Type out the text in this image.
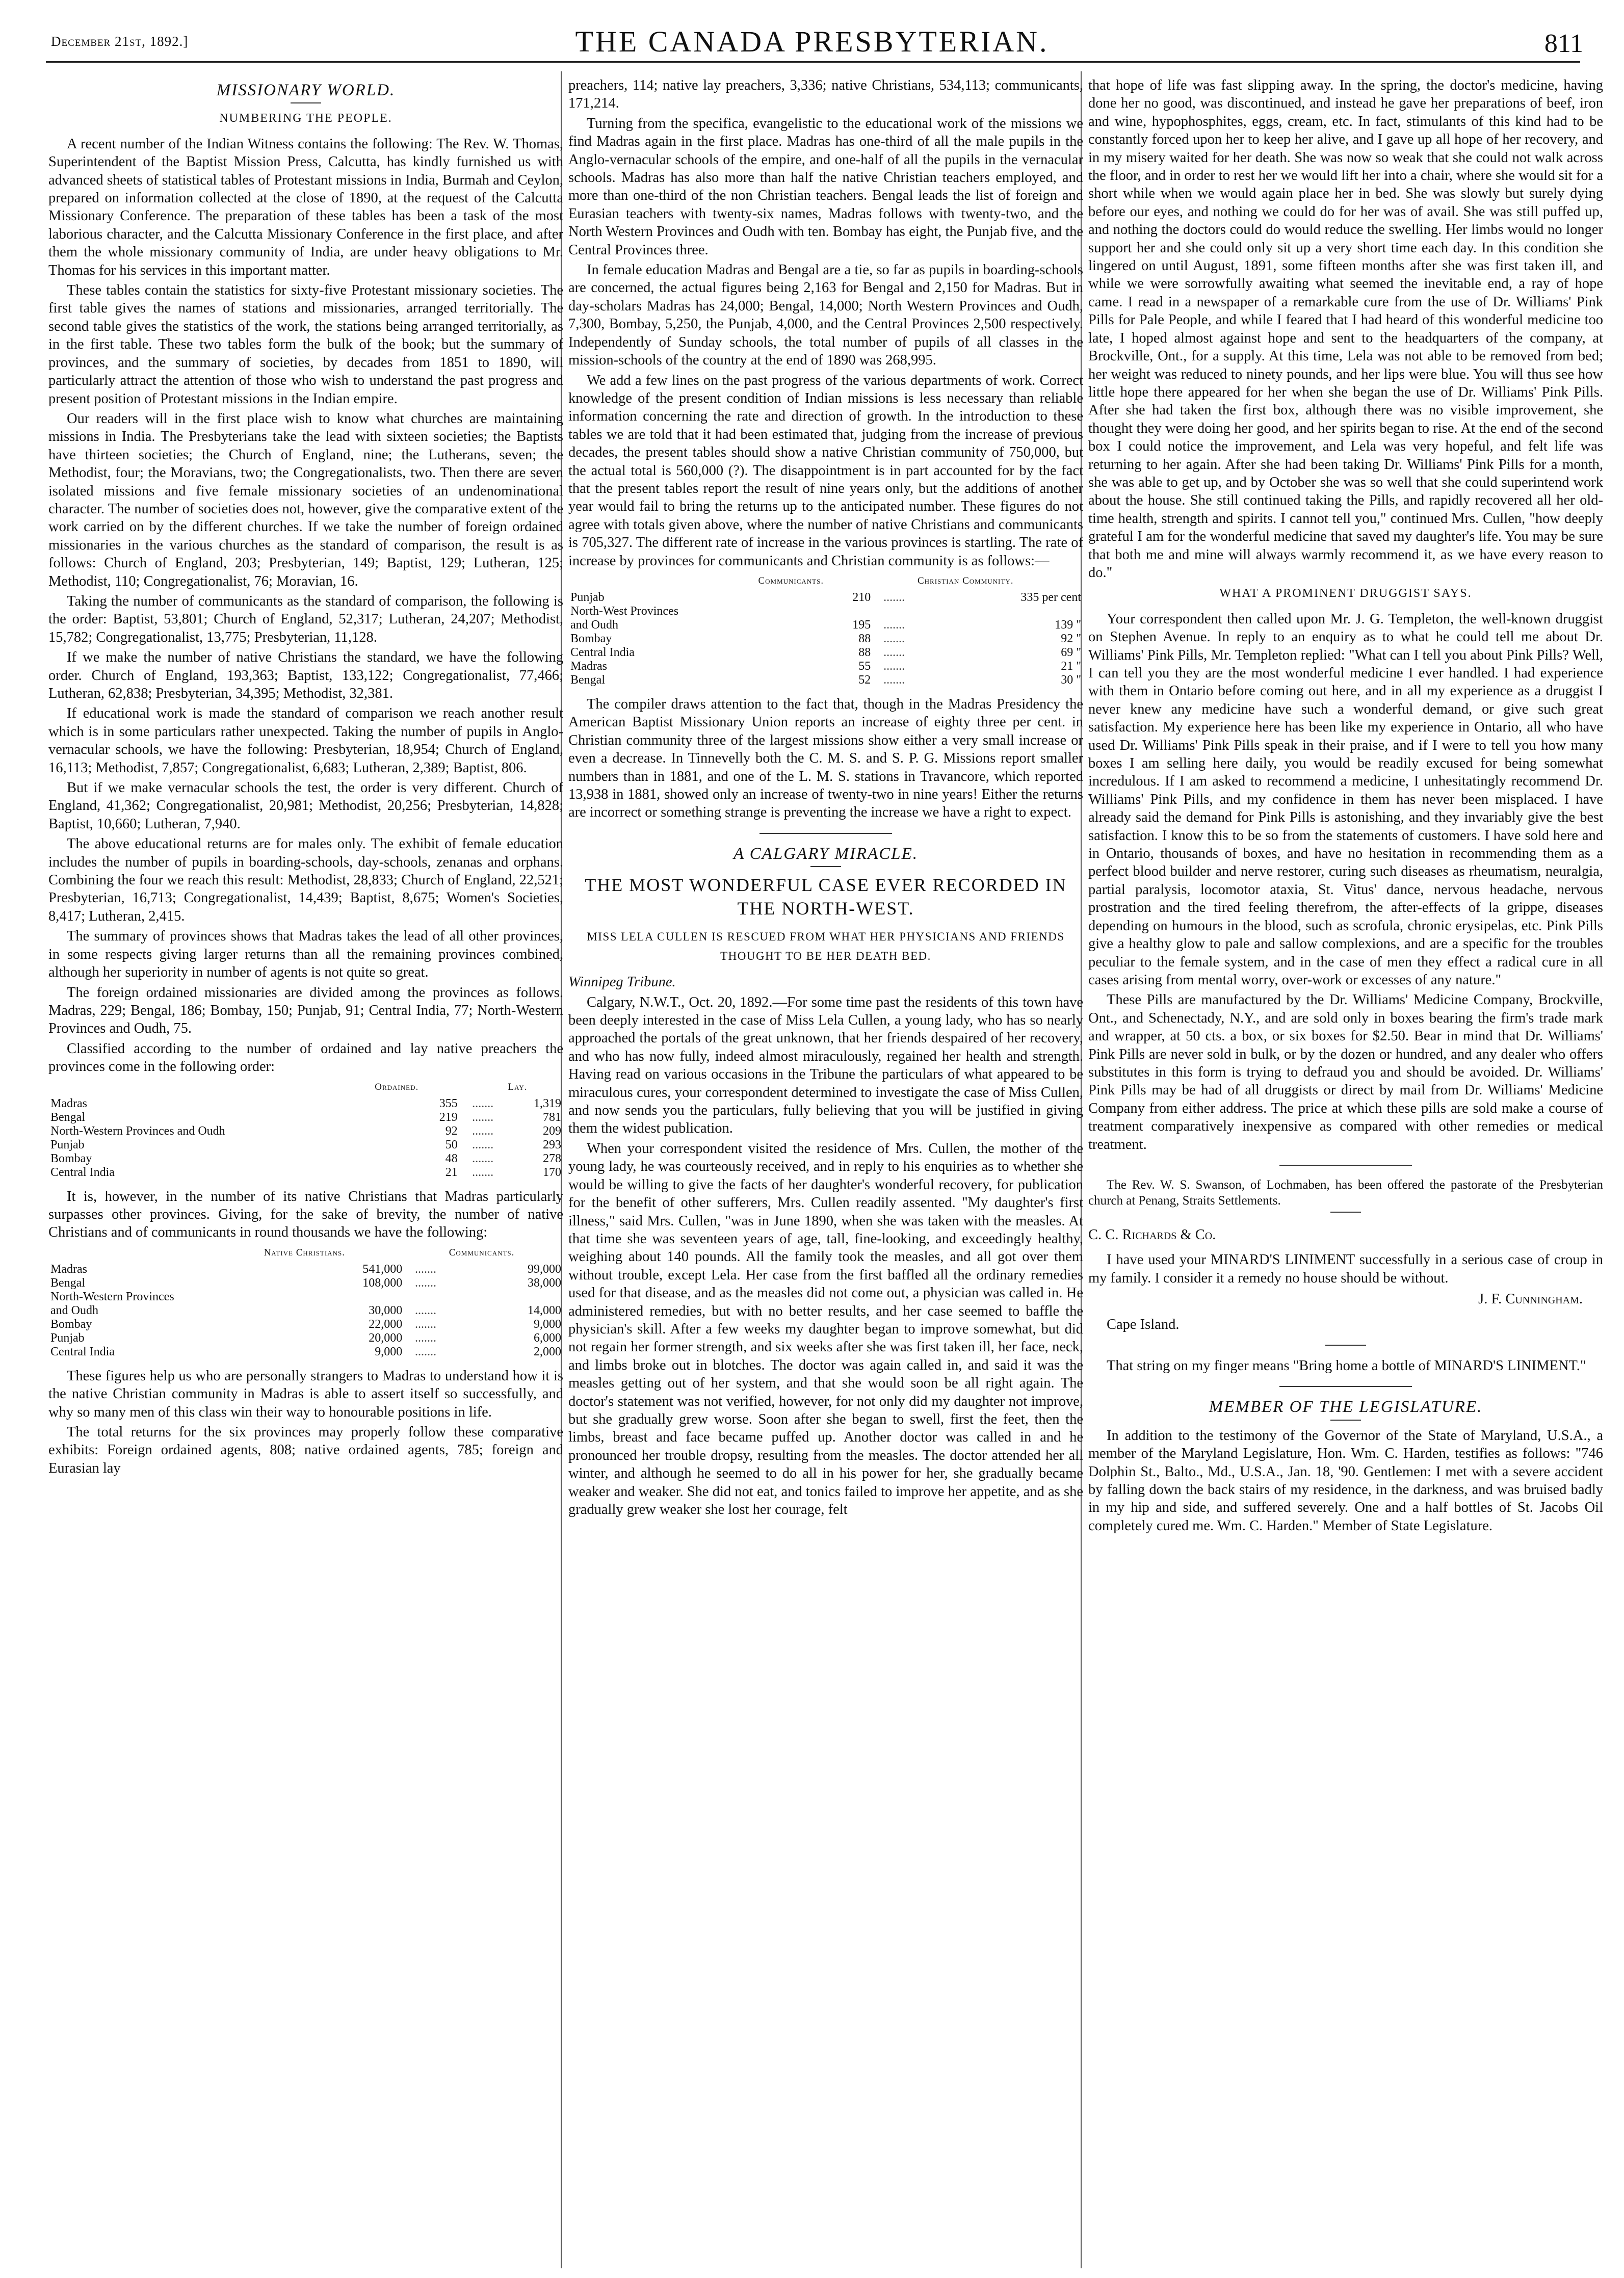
December 21st, 1892.]	THE CANADA PRESBYTERIAN.	811
MISSIONARY WORLD.
NUMBERING THE PEOPLE.

A recent number of the Indian Witness contains the following: The Rev. W. Thomas, Superintendent of the Baptist Mission Press, Calcutta, has kindly furnished us with advanced sheets of statistical tables of Protestant missions in India, Burmah and Ceylon, prepared on information collected at the close of 1890, at the request of the Calcutta Missionary Conference. The preparation of these tables has been a task of the most laborious character, and the Calcutta Missionary Conference in the first place, and after them the whole missionary community of India, are under heavy obligations to Mr. Thomas for his services in this important matter.

These tables contain the statistics for sixty-five Protestant missionary societies. The first table gives the names of stations and missionaries, arranged territorially. The second table gives the statistics of the work, the stations being arranged territorially, as in the first table. These two tables form the bulk of the book; but the summary of provinces, and the summary of societies, by decades from 1851 to 1890, will particularly attract the attention of those who wish to understand the past progress and present position of Protestant missions in the Indian empire.

Our readers will in the first place wish to know what churches are maintaining missions in India. The Presbyterians take the lead with sixteen societies; the Baptists have thirteen societies; the Church of England, nine; the Lutherans, seven; the Methodist, four; the Moravians, two; the Congregationalists, two. Then there are seven isolated missions and five female missionary societies of an undenominational character. The number of societies does not, however, give the comparative extent of the work carried on by the different churches. If we take the number of foreign ordained missionaries in the various churches as the standard of comparison, the result is as follows: Church of England, 203; Presbyterian, 149; Baptist, 129; Lutheran, 125; Methodist, 110; Congregationalist, 76; Moravian, 16.

Taking the number of communicants as the standard of comparison, the following is the order: Baptist, 53,801; Church of England, 52,317; Lutheran, 24,207; Methodist, 15,782; Congregationalist, 13,775; Presbyterian, 11,128.

If we make the number of native Christians the standard, we have the following order. Church of England, 193,363; Baptist, 133,122; Congregationalist, 77,466; Lutheran, 62,838; Presbyterian, 34,395; Methodist, 32,381.

If educational work is made the standard of comparison we reach another result which is in some particulars rather unexpected. Taking the number of pupils in Anglo-vernacular schools, we have the following: Presbyterian, 18,954; Church of England, 16,113; Methodist, 7,857; Congregationalist, 6,683; Lutheran, 2,389; Baptist, 806.

But if we make vernacular schools the test, the order is very different. Church of England, 41,362; Congregationalist, 20,981; Methodist, 20,256; Presbyterian, 14,828; Baptist, 10,660; Lutheran, 7,940.

The above educational returns are for males only. The exhibit of female education includes the number of pupils in boarding-schools, day-schools, zenanas and orphans. Combining the four we reach this result: Methodist, 28,833; Church of England, 22,521; Presbyterian, 16,713; Congregationalist, 14,439; Baptist, 8,675; Women's Societies, 8,417; Lutheran, 2,415.

The summary of provinces shows that Madras takes the lead of all other provinces, in some respects giving larger returns than all the remaining provinces combined, although her superiority in number of agents is not quite so great.

The foreign ordained missionaries are divided among the provinces as follows. Madras, 229; Bengal, 186; Bombay, 150; Punjab, 91; Central India, 77; North-Western Provinces and Oudh, 75.

Classified according to the number of ordained and lay native preachers the provinces come in the following order:

	Ordained.		Lay.
Madras	355	.......	1,319
Bengal	219	.......	781
North-Western Provinces and Oudh	92	.......	209
Punjab	50	.......	293
Bombay	48	.......	278
Central India	21	.......	170

It is, however, in the number of its native Christians that Madras particularly surpasses other provinces. Giving, for the sake of brevity, the number of native Christians and of communicants in round thousands we have the following:

	Native Christians.		Communicants.
Madras	541,000	.......	99,000
Bengal	108,000	.......	38,000
North-Western Provinces			
and Oudh	30,000	.......	14,000
Bombay	22,000	.......	9,000
Punjab	20,000	.......	6,000
Central India	9,000	.......	2,000

These figures help us who are personally strangers to Madras to understand how it is the native Christian community in Madras is able to assert itself so successfully, and why so many men of this class win their way to honourable positions in life.

The total returns for the six provinces may properly follow these comparative exhibits: Foreign ordained agents, 808; native ordained agents, 785; foreign and Eurasian lay

preachers, 114; native lay preachers, 3,336; native Christians, 534,113; communicants, 171,214.

Turning from the specifica, evangelistic to the educational work of the missions we find Madras again in the first place. Madras has one-third of all the male pupils in the Anglo-vernacular schools of the empire, and one-half of all the pupils in the vernacular schools. Madras has also more than half the native Christian teachers employed, and more than one-third of the non Christian teachers. Bengal leads the list of foreign and Eurasian teachers with twenty-six names, Madras follows with twenty-two, and the North Western Provinces and Oudh with ten. Bombay has eight, the Punjab five, and the Central Provinces three.

In female education Madras and Bengal are a tie, so far as pupils in boarding-schools are concerned, the actual figures being 2,163 for Bengal and 2,150 for Madras. But in day-scholars Madras has 24,000; Bengal, 14,000; North Western Provinces and Oudh, 7,300, Bombay, 5,250, the Punjab, 4,000, and the Central Provinces 2,500 respectively. Independently of Sunday schools, the total number of pupils of all classes in the mission-schools of the country at the end of 1890 was 268,995.

We add a few lines on the past progress of the various departments of work. Correct knowledge of the present condition of Indian missions is less necessary than reliable information concerning the rate and direction of growth. In the introduction to these tables we are told that it had been estimated that, judging from the increase of previous decades, the present tables should show a native Christian community of 750,000, but the actual total is 560,000 (?). The disappointment is in part accounted for by the fact that the present tables report the result of nine years only, but the additions of another year would fail to bring the returns up to the anticipated number. These figures do not agree with totals given above, where the number of native Christians and communicants is 705,327. The different rate of increase in the various provinces is startling. The rate of increase by provinces for communicants and Christian community is as follows:—

	Communicants.		Christian Community.
Punjab	210	.......	335 per cent
North-West Provinces			
and Oudh	195	.......	139 "
Bombay	88	.......	92 "
Central India	88	.......	69 "
Madras	55	.......	21 "
Bengal	52	.......	30 "

The compiler draws attention to the fact that, though in the Madras Presidency the American Baptist Missionary Union reports an increase of eighty three per cent. in Christian community three of the largest missions show either a very small increase or even a decrease. In Tinnevelly both the C. M. S. and S. P. G. Missions report smaller numbers than in 1881, and one of the L. M. S. stations in Travancore, which reported 13,938 in 1881, showed only an increase of twenty-two in nine years! Either the returns are incorrect or something strange is preventing the increase we have a right to expect.

A CALGARY MIRACLE.
THE MOST WONDERFUL CASE EVER RECORDED IN THE NORTH-WEST.
MISS LELA CULLEN IS RESCUED FROM WHAT HER PHYSICIANS AND FRIENDS THOUGHT TO BE HER DEATH BED.

Winnipeg Tribune.

Calgary, N.W.T., Oct. 20, 1892.—For some time past the residents of this town have been deeply interested in the case of Miss Lela Cullen, a young lady, who has so nearly approached the portals of the great unknown, that her friends despaired of her recovery, and who has now fully, indeed almost miraculously, regained her health and strength. Having read on various occasions in the Tribune the particulars of what appeared to be miraculous cures, your correspondent determined to investigate the case of Miss Cullen, and now sends you the particulars, fully believing that you will be justified in giving them the widest publication.

When your correspondent visited the residence of Mrs. Cullen, the mother of the young lady, he was courteously received, and in reply to his enquiries as to whether she would be willing to give the facts of her daughter's wonderful recovery, for publication for the benefit of other sufferers, Mrs. Cullen readily assented. "My daughter's first illness," said Mrs. Cullen, "was in June 1890, when she was taken with the measles. At that time she was seventeen years of age, tall, fine-looking, and exceedingly healthy, weighing about 140 pounds. All the family took the measles, and all got over them without trouble, except Lela. Her case from the first baffled all the ordinary remedies used for that disease, and as the measles did not come out, a physician was called in. He administered remedies, but with no better results, and her case seemed to baffle the physician's skill. After a few weeks my daughter began to improve somewhat, but did not regain her former strength, and six weeks after she was first taken ill, her face, neck, and limbs broke out in blotches. The doctor was again called in, and said it was the measles getting out of her system, and that she would soon be all right again. The doctor's statement was not verified, however, for not only did my daughter not improve, but she gradually grew worse. Soon after she began to swell, first the feet, then the limbs, breast and face became puffed up. Another doctor was called in and he pronounced her trouble dropsy, resulting from the measles. The doctor attended her all winter, and although he seemed to do all in his power for her, she gradually became weaker and weaker. She did not eat, and tonics failed to improve her appetite, and as she gradually grew weaker she lost her courage, felt

that hope of life was fast slipping away. In the spring, the doctor's medicine, having done her no good, was discontinued, and instead he gave her preparations of beef, iron and wine, hypophosphites, eggs, cream, etc. In fact, stimulants of this kind had to be constantly forced upon her to keep her alive, and I gave up all hope of her recovery, and in my misery waited for her death. She was now so weak that she could not walk across the floor, and in order to rest her we would lift her into a chair, where she would sit for a short while when we would again place her in bed. She was slowly but surely dying before our eyes, and nothing we could do for her was of avail. She was still puffed up, and nothing the doctors could do would reduce the swelling. Her limbs would no longer support her and she could only sit up a very short time each day. In this condition she lingered on until August, 1891, some fifteen months after she was first taken ill, and while we were sorrowfully awaiting what seemed the inevitable end, a ray of hope came. I read in a newspaper of a remarkable cure from the use of Dr. Williams' Pink Pills for Pale People, and while I feared that I had heard of this wonderful medicine too late, I hoped almost against hope and sent to the headquarters of the company, at Brockville, Ont., for a supply. At this time, Lela was not able to be removed from bed; her weight was reduced to ninety pounds, and her lips were blue. You will thus see how little hope there appeared for her when she began the use of Dr. Williams' Pink Pills. After she had taken the first box, although there was no visible improvement, she thought they were doing her good, and her spirits began to rise. At the end of the second box I could notice the improvement, and Lela was very hopeful, and felt life was returning to her again. After she had been taking Dr. Williams' Pink Pills for a month, she was able to get up, and by October she was so well that she could superintend work about the house. She still continued taking the Pills, and rapidly recovered all her old-time health, strength and spirits. I cannot tell you," continued Mrs. Cullen, "how deeply grateful I am for the wonderful medicine that saved my daughter's life. You may be sure that both me and mine will always warmly recommend it, as we have every reason to do."

WHAT A PROMINENT DRUGGIST SAYS.

Your correspondent then called upon Mr. J. G. Templeton, the well-known druggist on Stephen Avenue. In reply to an enquiry as to what he could tell me about Dr. Williams' Pink Pills, Mr. Templeton replied: "What can I tell you about Pink Pills? Well, I can tell you they are the most wonderful medicine I ever handled. I had experience with them in Ontario before coming out here, and in all my experience as a druggist I never knew any medicine have such a wonderful demand, or give such great satisfaction. My experience here has been like my experience in Ontario, all who have used Dr. Williams' Pink Pills speak in their praise, and if I were to tell you how many boxes I am selling here daily, you would be readily excused for being somewhat incredulous. If I am asked to recommend a medicine, I unhesitatingly recommend Dr. Williams' Pink Pills, and my confidence in them has never been misplaced. I have already said the demand for Pink Pills is astonishing, and they invariably give the best satisfaction. I know this to be so from the statements of customers. I have sold here and in Ontario, thousands of boxes, and have no hesitation in recommending them as a perfect blood builder and nerve restorer, curing such diseases as rheumatism, neuralgia, partial paralysis, locomotor ataxia, St. Vitus' dance, nervous headache, nervous prostration and the tired feeling therefrom, the after-effects of la grippe, diseases depending on humours in the blood, such as scrofula, chronic erysipelas, etc. Pink Pills give a healthy glow to pale and sallow complexions, and are a specific for the troubles peculiar to the female system, and in the case of men they effect a radical cure in all cases arising from mental worry, over-work or excesses of any nature."

These Pills are manufactured by the Dr. Williams' Medicine Company, Brockville, Ont., and Schenectady, N.Y., and are sold only in boxes bearing the firm's trade mark and wrapper, at 50 cts. a box, or six boxes for $2.50. Bear in mind that Dr. Williams' Pink Pills are never sold in bulk, or by the dozen or hundred, and any dealer who offers substitutes in this form is trying to defraud you and should be avoided. Dr. Williams' Pink Pills may be had of all druggists or direct by mail from Dr. Williams' Medicine Company from either address. The price at which these pills are sold make a course of treatment comparatively inexpensive as compared with other remedies or medical treatment.

The Rev. W. S. Swanson, of Lochmaben, has been offered the pastorate of the Presbyterian church at Penang, Straits Settlements.

C. C. Richards & Co.

I have used your MINARD'S LINIMENT successfully in a serious case of croup in my family. I consider it a remedy no house should be without.

J. F. Cunningham.

Cape Island.

That string on my finger means "Bring home a bottle of MINARD'S LINIMENT."

MEMBER OF THE LEGISLATURE.

In addition to the testimony of the Governor of the State of Maryland, U.S.A., a member of the Maryland Legislature, Hon. Wm. C. Harden, testifies as follows: "746 Dolphin St., Balto., Md., U.S.A., Jan. 18, '90. Gentlemen: I met with a severe accident by falling down the back stairs of my residence, in the darkness, and was bruised badly in my hip and side, and suffered severely. One and a half bottles of St. Jacobs Oil completely cured me. Wm. C. Harden." Member of State Legislature.
